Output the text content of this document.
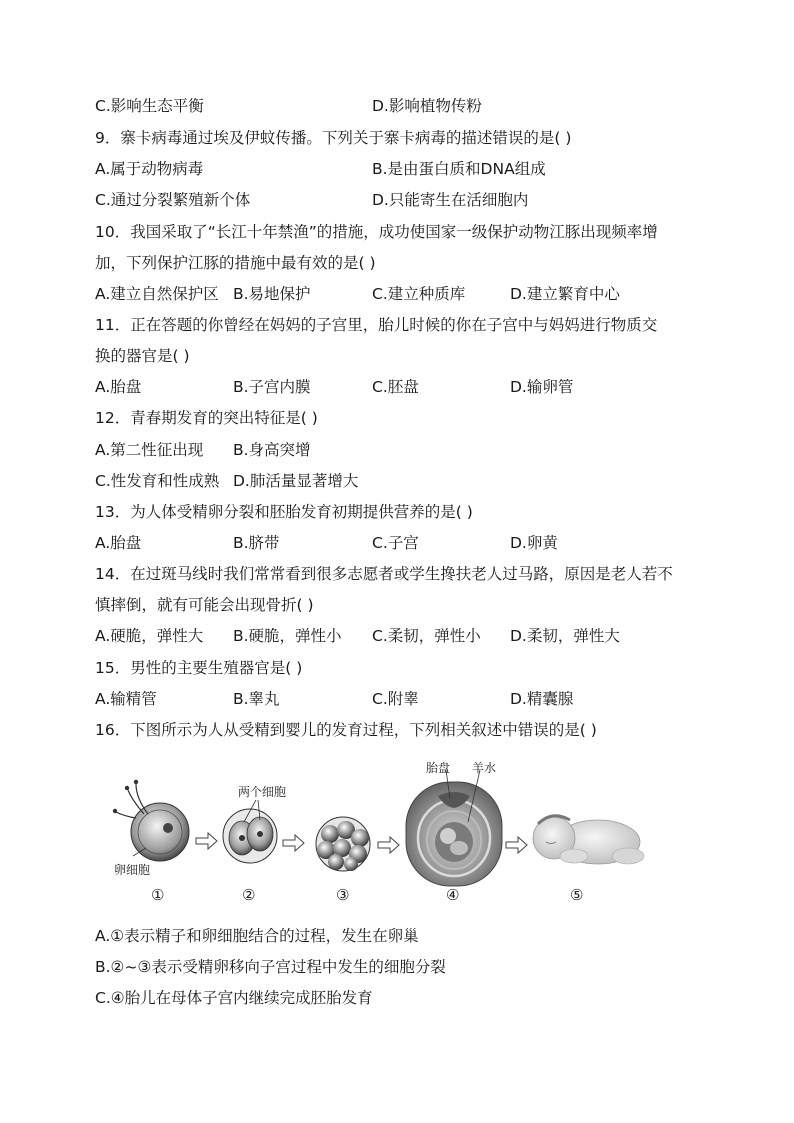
C.影响生态平衡	D.影响植物传粉
9．寨卡病毒通过埃及伊蚊传播。下列关于寨卡病毒的描述错误的是( )
A.属于动物病毒	B.是由蛋白质和DNA组成
C.通过分裂繁殖新个体	D.只能寄生在活细胞内
10．我国采取了“长江十年禁渔”的措施，成功使国家一级保护动物江豚出现频率增
加，下列保护江豚的措施中最有效的是( )
A.建立自然保护区 B.易地保护	C.建立种质库	D.建立繁育中心
11．正在答题的你曾经在妈妈的子宫里，胎儿时候的你在子宫中与妈妈进行物质交
换的器官是( )
A.胎盘	B.子宫内膜	C.胚盘	D.输卵管
12．青春期发育的突出特征是( )
A.第二性征出现 B.身高突增
C.性发育和性成熟 D.肺活量显著增大
13．为人体受精卵分裂和胚胎发育初期提供营养的是( )
A.胎盘	B.脐带	C.子宫	D.卵黄
14．在过斑马线时我们常常看到很多志愿者或学生搀扶老人过马路，原因是老人若不
慎摔倒，就有可能会出现骨折( )
A.硬脆，弹性大 B.硬脆，弹性小 C.柔韧，弹性小 D.柔韧，弹性大
15．男性的主要生殖器官是( )
A.输精管	B.睾丸	C.附睾	D.精囊腺
16．下图所示为人从受精到婴儿的发育过程，下列相关叙述中错误的是( )
卵细胞
两个细胞
胎盘 羊水
①	②	③	④	⑤
A.①表示精子和卵细胞结合的过程，发生在卵巢
B.②~③表示受精卵移向子宫过程中发生的细胞分裂
C.④胎儿在母体子宫内继续完成胚胎发育
